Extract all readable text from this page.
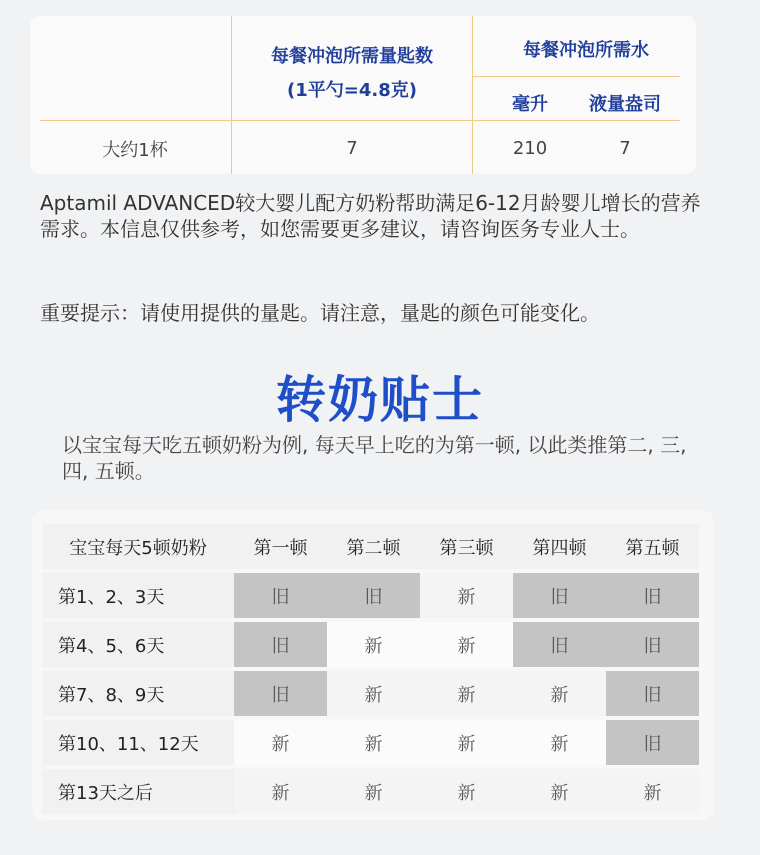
每餐冲泡所需量匙数
(1平勺=4.8克)
每餐冲泡所需水
毫升	液量盎司
大约1杯	7	210	7
Aptamil ADVANCED较大婴儿配方奶粉帮助满足6-12月龄婴儿增长的营养需求。本信息仅供参考，如您需要更多建议，请咨询医务专业人士。
重要提示：请使用提供的量匙。请注意，量匙的颜色可能变化。
转奶贴士
以宝宝每天吃五顿奶粉为例, 每天早上吃的为第一顿, 以此类推第二, 三, 四, 五顿。
宝宝每天5顿奶粉	第一顿	第二顿	第三顿	第四顿	第五顿
第1、2、3天	旧	旧	新	旧	旧
第4、5、6天	旧	新	新	旧	旧
第7、8、9天	旧	新	新	新	旧
第10、11、12天	新	新	新	新	旧
第13天之后	新	新	新	新	新
